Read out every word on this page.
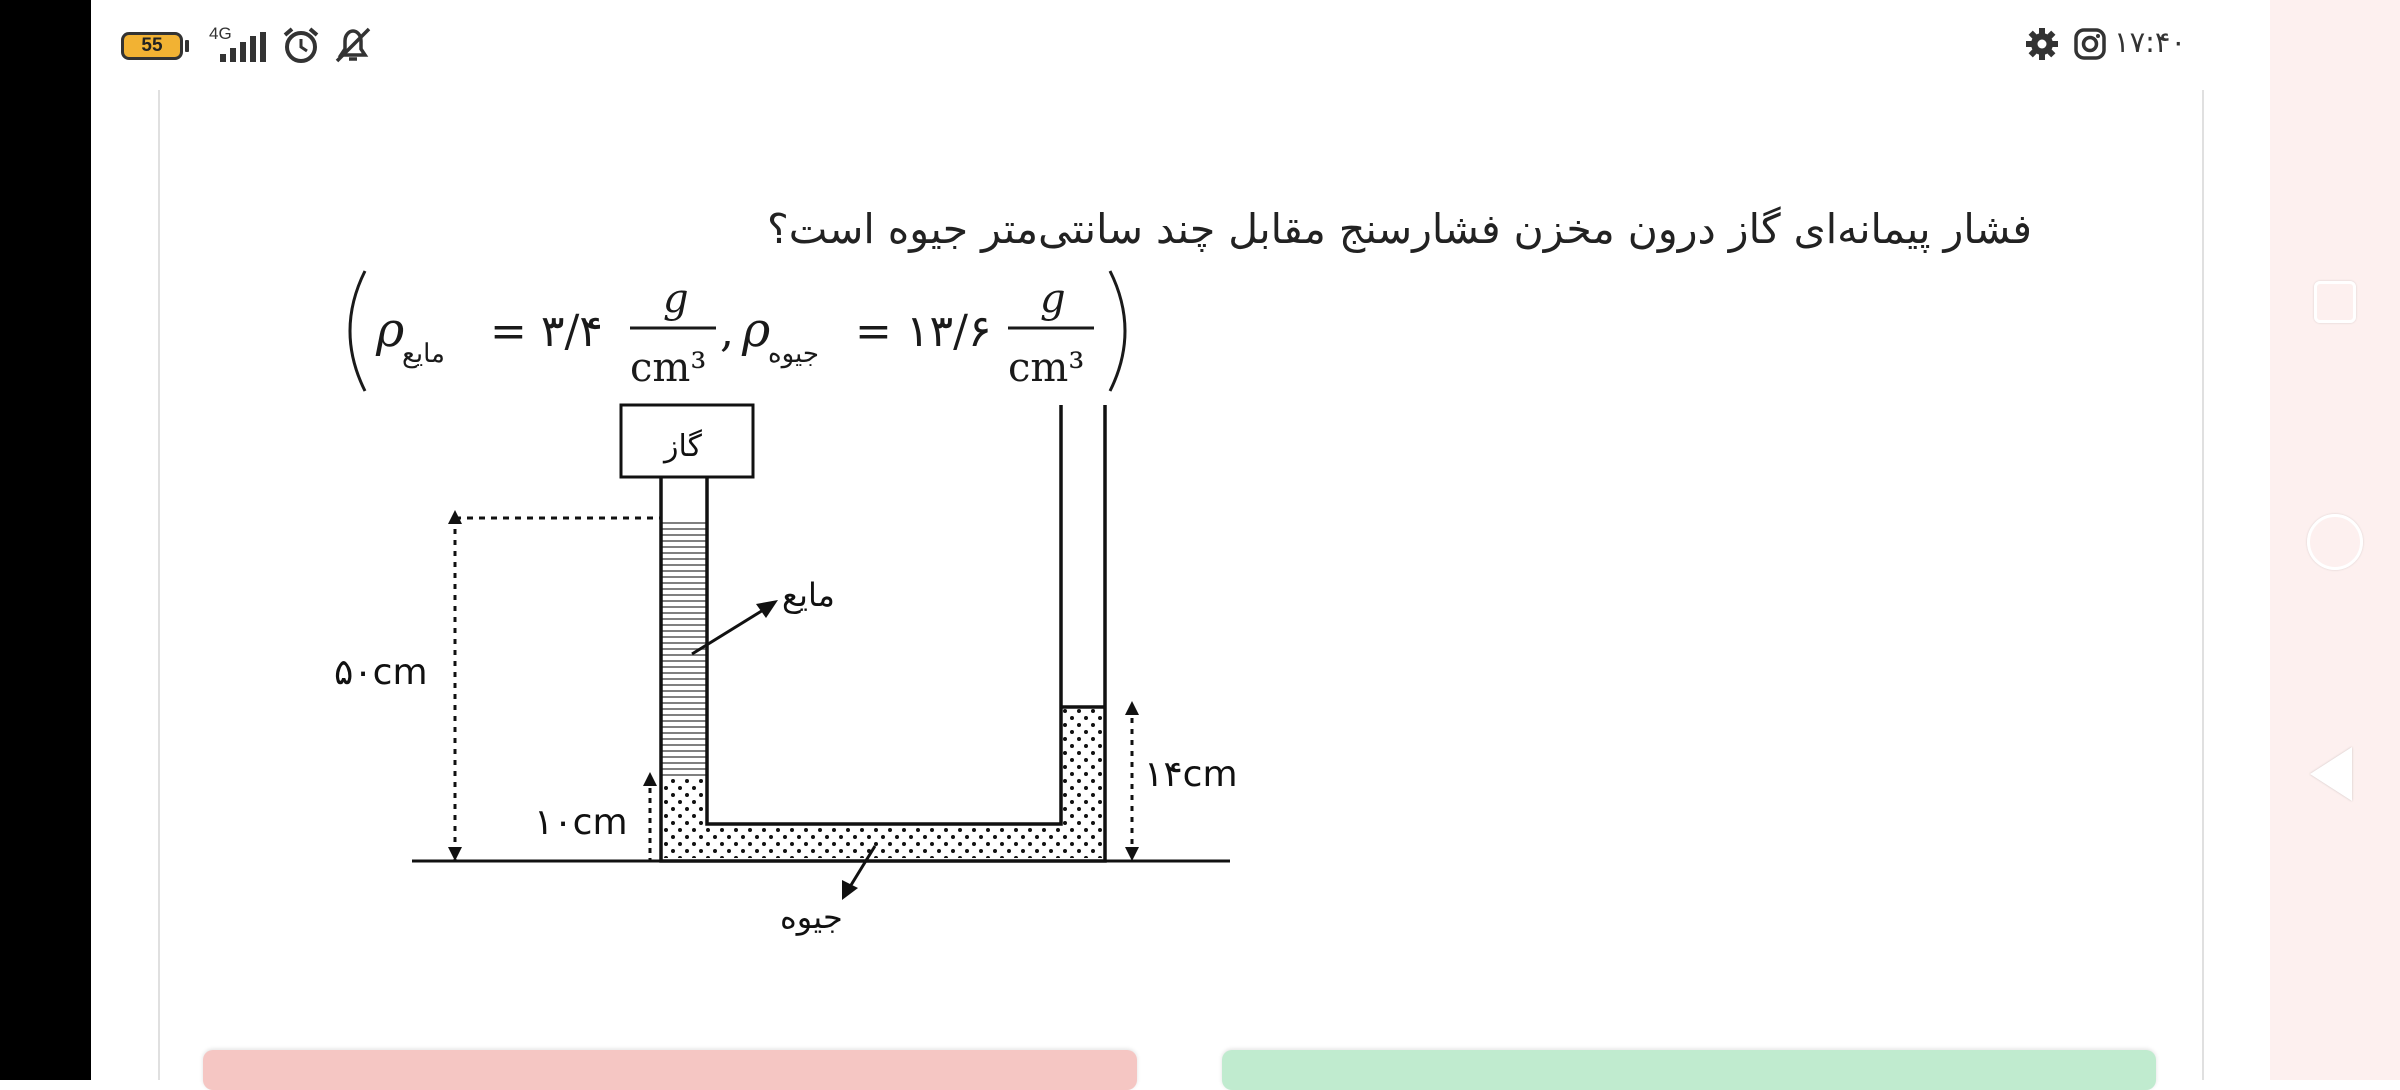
55
4G	۱۷:۴۰
فشار پیمانه‌ای گاز درون مخزن فشارسنج مقابل چند سانتی‌متر جیوه است؟
ρ
مایع = ۳/۴
g
cm³
, ρ
جیوه = ۱۳/۶
g
cm³
گاز
مایع
جیوه
۵۰cm
۱۰cm
۱۴cm
